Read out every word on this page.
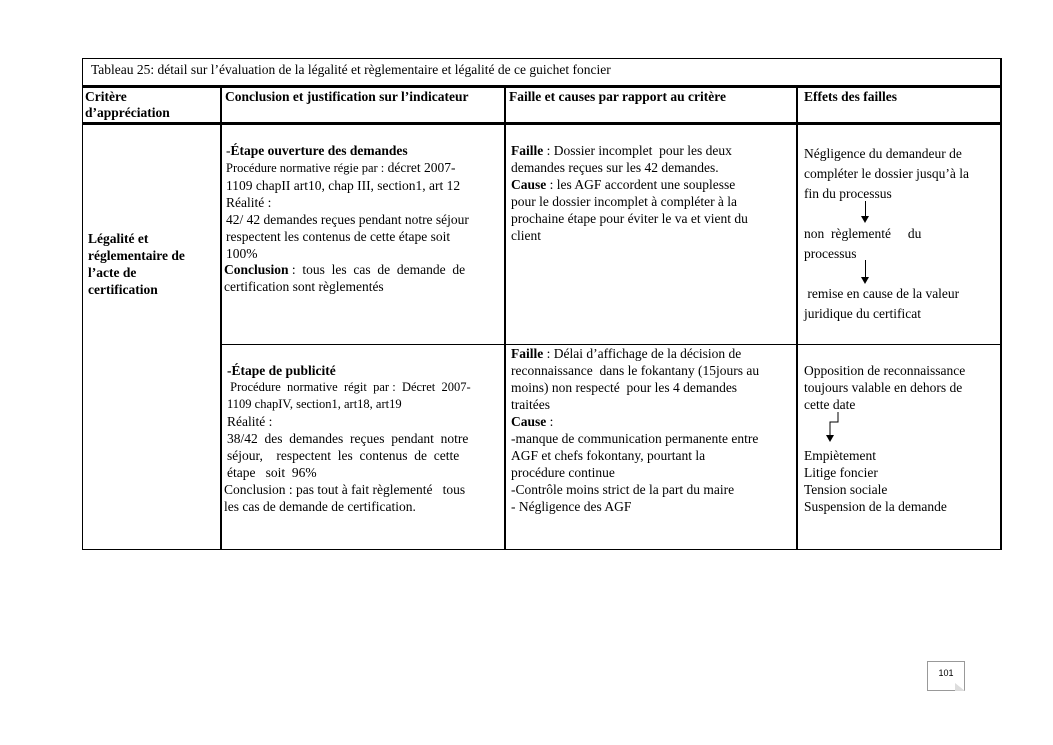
Tableau 25: détail sur l’évaluation de la légalité et règlementaire et légalité de ce guichet foncier
Critère
d’appréciation
Conclusion et justification sur l’indicateur	Faille et causes par rapport au critère	Effets des failles
Légalité et
réglementaire de
l’acte de
certification
-Étape ouverture des demandes
Procédure normative régie par : décret 2007-
1109 chapII art10, chap III, section1, art 12
Réalité :
42/ 42 demandes reçues pendant notre séjour
respectent les contenus de cette étape soit
100%
Conclusion :  tous  les  cas  de  demande  de
certification sont règlementés
Faille : Dossier incomplet  pour les deux
demandes reçues sur les 42 demandes.
Cause : les AGF accordent une souplesse
pour le dossier incomplet à compléter à la
prochaine étape pour éviter le va et vient du
client
Négligence du demandeur de
compléter le dossier jusqu’à la
fin du processus
non  règlementé     du
processus
remise en cause de la valeur
juridique du certificat
-Étape de publicité
Procédure  normative  régit  par :  Décret  2007-
1109 chapIV, section1, art18, art19
Réalité :
38/42  des  demandes  reçues  pendant  notre
séjour,    respectent  les  contenus  de  cette
étape   soit  96%
Conclusion : pas tout à fait règlementé   tous
les cas de demande de certification.
Faille : Délai d’affichage de la décision de
reconnaissance  dans le fokantany (15jours au
moins) non respecté  pour les 4 demandes
traitées
Cause :
-manque de communication permanente entre
AGF et chefs fokontany, pourtant la
procédure continue
-Contrôle moins strict de la part du maire
- Négligence des AGF
Opposition de reconnaissance
toujours valable en dehors de
cette date
Empiètement
Litige foncier
Tension sociale
Suspension de la demande
101
